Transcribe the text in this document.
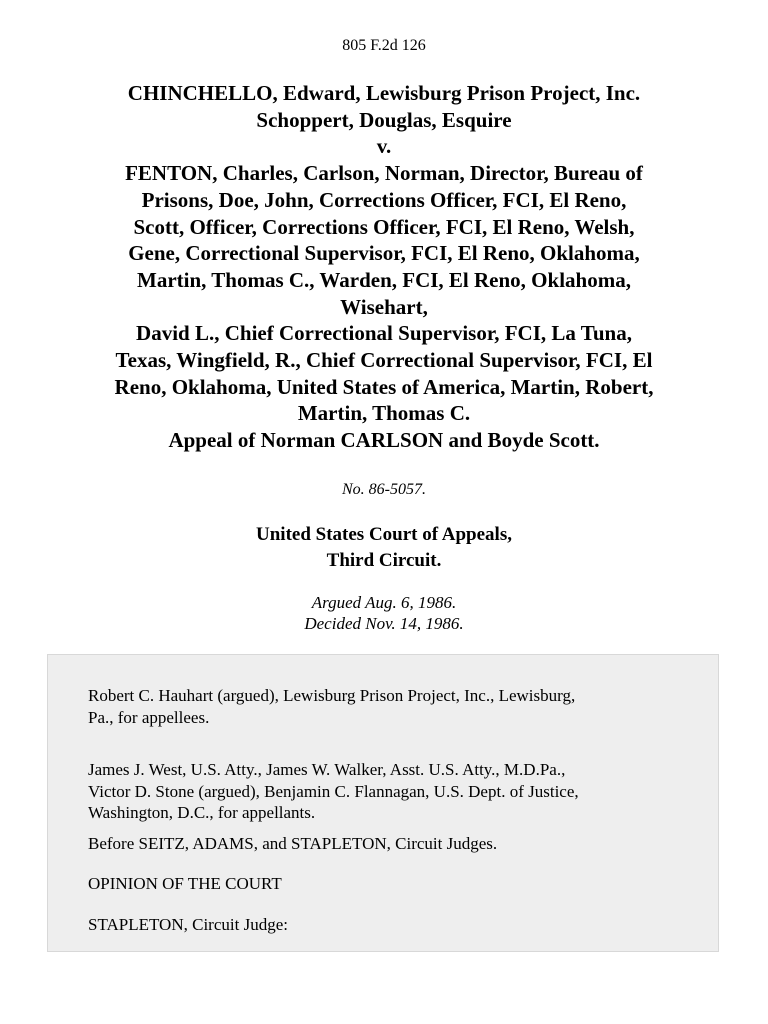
805 F.2d 126
CHINCHELLO, Edward, Lewisburg Prison Project, Inc.
Schoppert, Douglas, Esquire
v.
FENTON, Charles, Carlson, Norman, Director, Bureau of
Prisons, Doe, John, Corrections Officer, FCI, El Reno,
Scott, Officer, Corrections Officer, FCI, El Reno, Welsh,
Gene, Correctional Supervisor, FCI, El Reno, Oklahoma,
Martin, Thomas C., Warden, FCI, El Reno, Oklahoma,
Wisehart,
David L., Chief Correctional Supervisor, FCI, La Tuna,
Texas, Wingfield, R., Chief Correctional Supervisor, FCI, El
Reno, Oklahoma, United States of America, Martin, Robert,
Martin, Thomas C.
Appeal of Norman CARLSON and Boyde Scott.
No. 86-5057.
United States Court of Appeals,
Third Circuit.
Argued Aug. 6, 1986.
Decided Nov. 14, 1986.
Robert C. Hauhart (argued), Lewisburg Prison Project, Inc., Lewisburg,
Pa., for appellees.
James J. West, U.S. Atty., James W. Walker, Asst. U.S. Atty., M.D.Pa.,
Victor D. Stone (argued), Benjamin C. Flannagan, U.S. Dept. of Justice,
Washington, D.C., for appellants.
Before SEITZ, ADAMS, and STAPLETON, Circuit Judges.
OPINION OF THE COURT
STAPLETON, Circuit Judge:
